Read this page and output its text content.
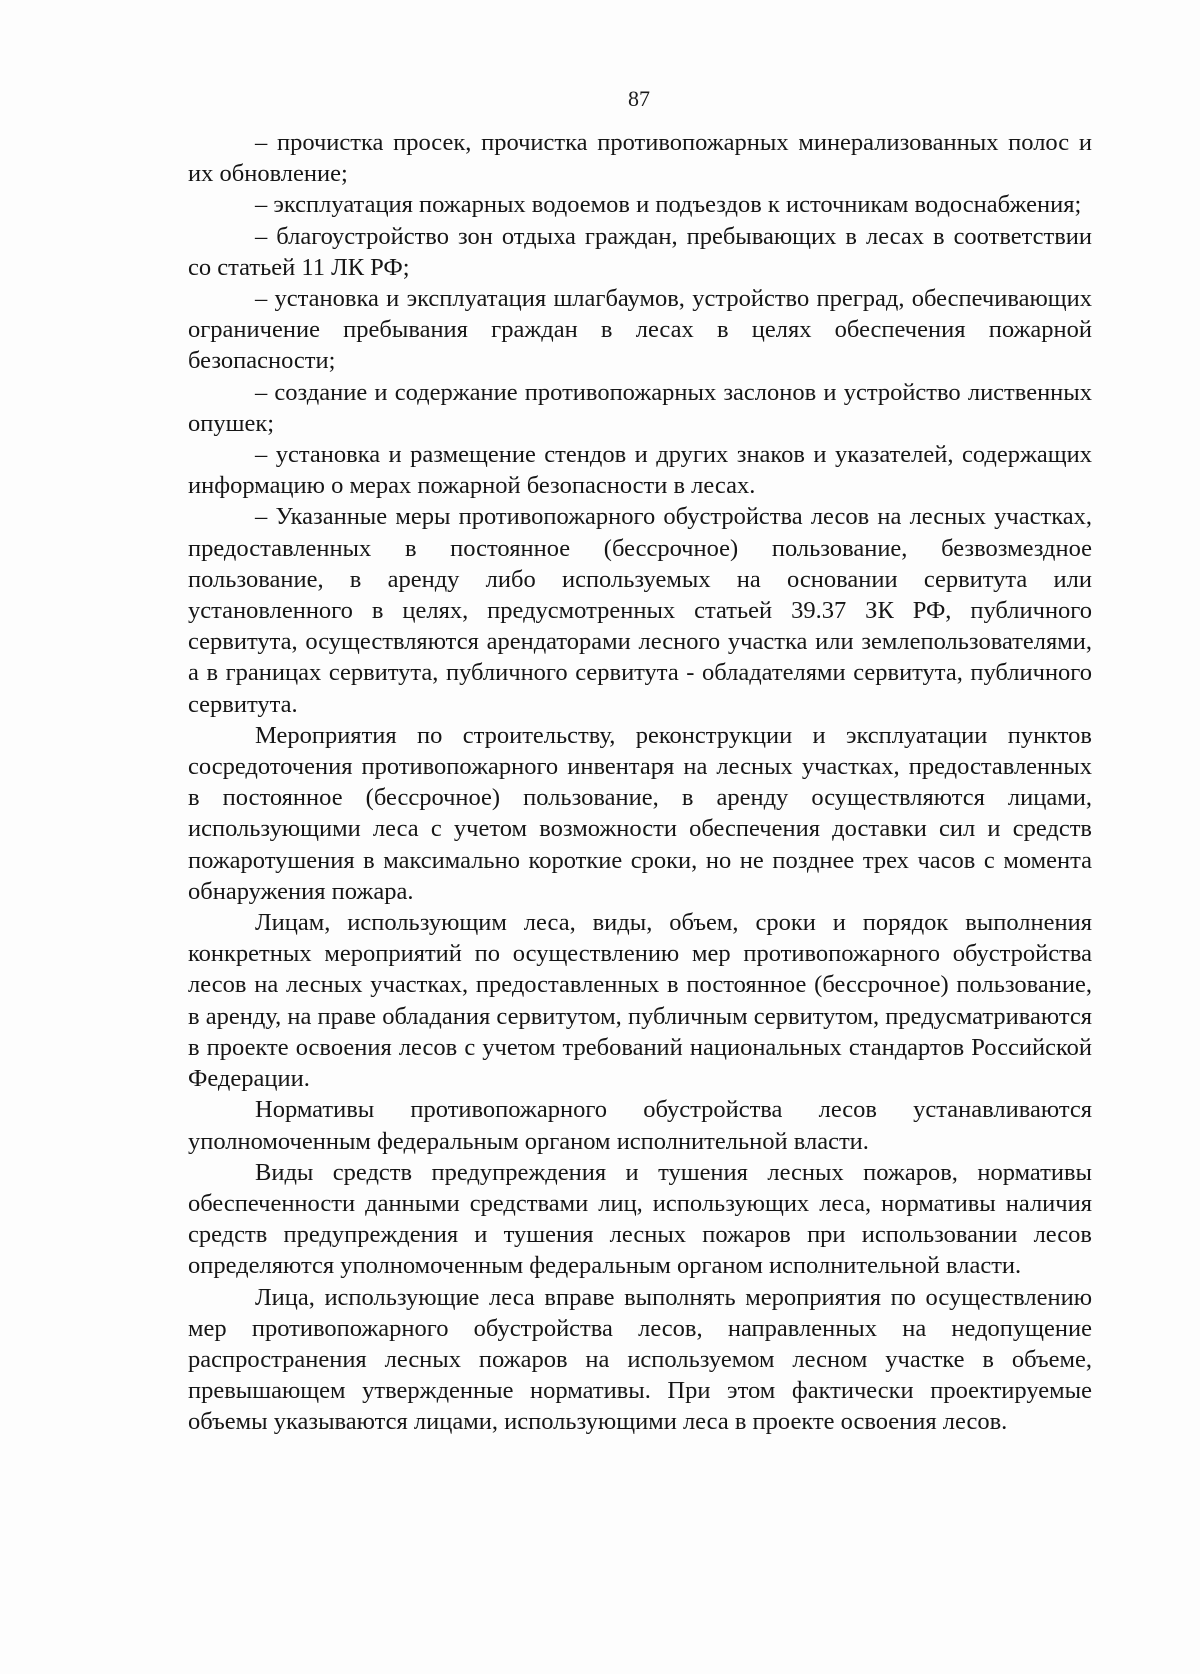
87

– прочистка просек, прочистка противопожарных минерализованных полос и их обновление;

– эксплуатация пожарных водоемов и подъездов к источникам водоснабжения;

– благоустройство зон отдыха граждан, пребывающих в лесах в соответствии со статьей 11 ЛК РФ;

– установка и эксплуатация шлагбаумов, устройство преград, обеспечивающих ограничение пребывания граждан в лесах в целях обеспечения пожарной безопасности;

– создание и содержание противопожарных заслонов и устройство лиственных опушек;

– установка и размещение стендов и других знаков и указателей, содержащих информацию о мерах пожарной безопасности в лесах.

– Указанные меры противопожарного обустройства лесов на лесных участках, предоставленных в постоянное (бессрочное) пользование, безвозмездное пользование, в аренду либо используемых на основании сервитута или установленного в целях, предусмотренных статьей 39.37 ЗК РФ, публичного сервитута, осуществляются арендаторами лесного участка или землепользователями, а в границах сервитута, публичного сервитута - обладателями сервитута, публичного сервитута.

Мероприятия по строительству, реконструкции и эксплуатации пунктов сосредоточения противопожарного инвентаря на лесных участках, предоставленных в постоянное (бессрочное) пользование, в аренду осуществляются лицами, использующими леса с учетом возможности обеспечения доставки сил и средств пожаротушения в максимально короткие сроки, но не позднее трех часов с момента обнаружения пожара.

Лицам, использующим леса, виды, объем, сроки и порядок выполнения конкретных мероприятий по осуществлению мер противопожарного обустройства лесов на лесных участках, предоставленных в постоянное (бессрочное) пользование, в аренду, на праве обладания сервитутом, публичным сервитутом, предусматриваются в проекте освоения лесов с учетом требований национальных стандартов Российской Федерации.

Нормативы противопожарного обустройства лесов устанавливаются уполномоченным федеральным органом исполнительной власти.

Виды средств предупреждения и тушения лесных пожаров, нормативы обеспеченности данными средствами лиц, использующих леса, нормативы наличия средств предупреждения и тушения лесных пожаров при использовании лесов определяются уполномоченным федеральным органом исполнительной власти.

Лица, использующие леса вправе выполнять мероприятия по осуществлению мер противопожарного обустройства лесов, направленных на недопущение распространения лесных пожаров на используемом лесном участке в объеме, превышающем утвержденные нормативы. При этом фактически проектируемые объемы указываются лицами, использующими леса в проекте освоения лесов.
